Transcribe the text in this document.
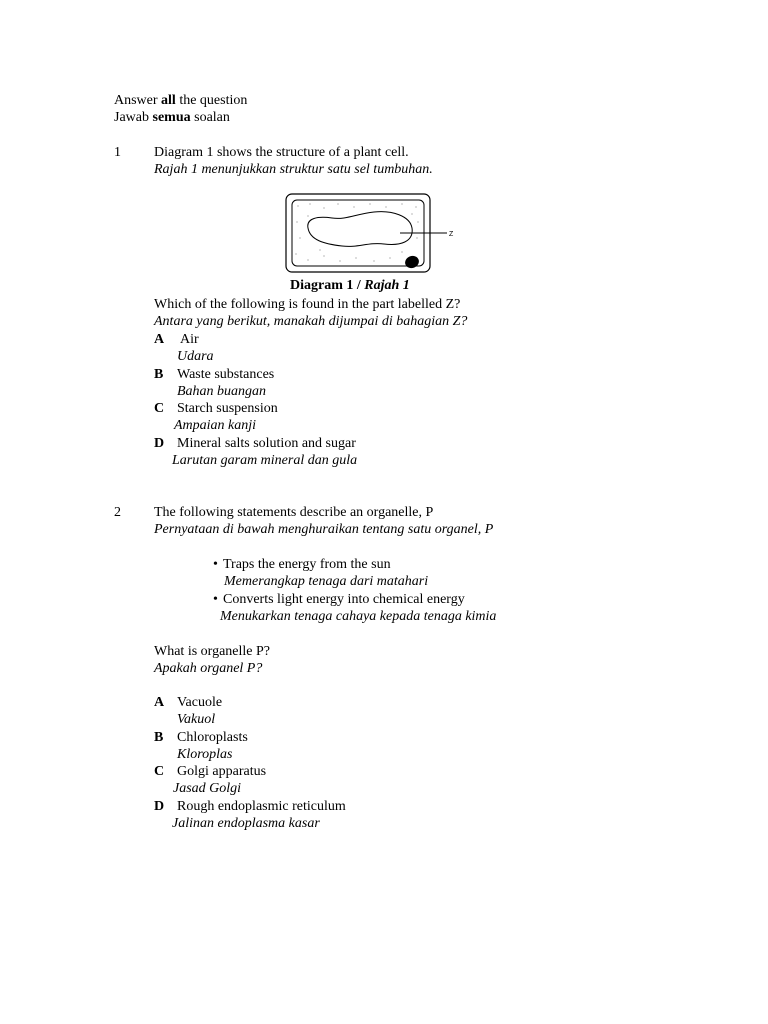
Answer all the question
Jawab semua soalan
1 Diagram 1 shows the structure of a plant cell.
Rajah 1 menunjukkan struktur satu sel tumbuhan.
Z
Diagram 1 / Rajah 1
Which of the following is found in the part labelled Z?
Antara yang berikut, manakah dijumpai di bahagian Z?
A Air
Udara
B Waste substances
Bahan buangan
C Starch suspension
Ampaian kanji
D Mineral salts solution and sugar
Larutan garam mineral dan gula
2 The following statements describe an organelle, P
Pernyataan di bawah menghuraikan tentang satu organel, P
• Traps the energy from the sun
Memerangkap tenaga dari matahari
• Converts light energy into chemical energy
Menukarkan tenaga cahaya kepada tenaga kimia
What is organelle P?
Apakah organel P?
A Vacuole
Vakuol
B Chloroplasts
Kloroplas
C Golgi apparatus
Jasad Golgi
D Rough endoplasmic reticulum
Jalinan endoplasma kasar
